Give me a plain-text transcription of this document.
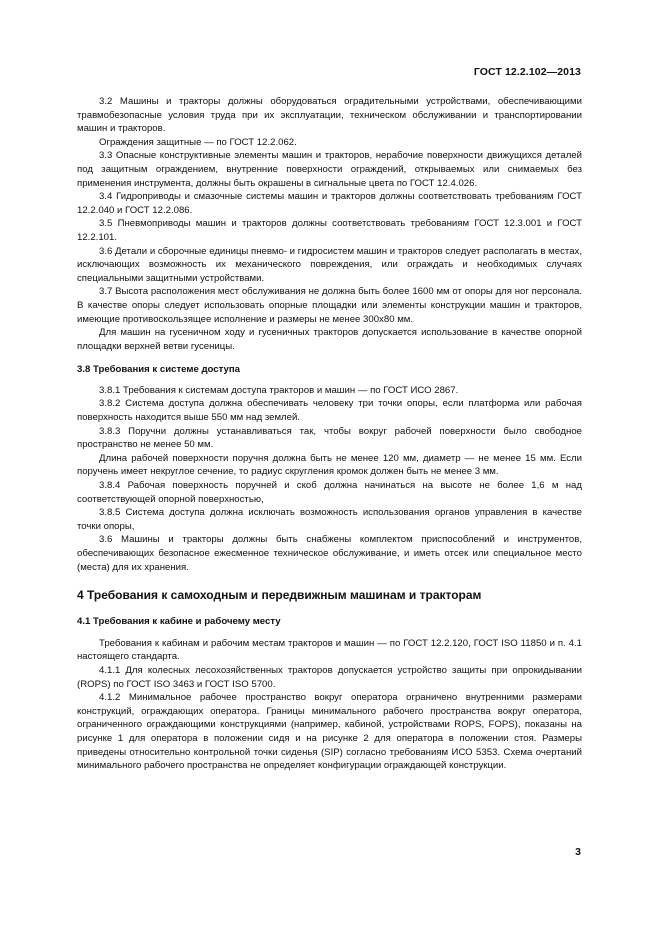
ГОСТ 12.2.102—2013

3.2 Машины и тракторы должны оборудоваться оградительными устройствами, обеспечивающими травмобезопасные условия труда при их эксплуатации, техническом обслуживании и транспортировании машин и тракторов.

Ограждения защитные — по ГОСТ 12.2.062.

3.3 Опасные конструктивные элементы машин и тракторов, нерабочие поверхности движущихся деталей под защитным ограждением, внутренние поверхности ограждений, открываемых или снимаемых без применения инструмента, должны быть окрашены в сигнальные цвета по ГОСТ 12.4.026.

3.4 Гидроприводы и смазочные системы машин и тракторов должны соответствовать требованиям ГОСТ 12.2.040 и ГОСТ 12.2.086.

3.5 Пневмоприводы машин и тракторов должны соответствовать требованиям ГОСТ 12.3.001 и ГОСТ 12.2.101.

3.6 Детали и сборочные единицы пневмо- и гидросистем машин и тракторов следует располагать в местах, исключающих возможность их механического повреждения, или ограждать и необходимых случаях специальными защитными устройствами.

3.7 Высота расположения мест обслуживания не должна быть более 1600 мм от опоры для ног персонала. В качестве опоры следует использовать опорные площадки или элементы конструкции машин и тракторов, имеющие противоскользящее исполнение и размеры не менее 300x80 мм.

Для машин на гусеничном ходу и гусеничных тракторов допускается использование в качестве опорной площадки верхней ветви гусеницы.

3.8 Требования к системе доступа

3.8.1 Требования к системам доступа тракторов и машин — по ГОСТ ИСО 2867.

3.8.2 Система доступа должна обеспечивать человеку три точки опоры, если платформа или рабочая поверхность находится выше 550 мм над землей.

3.8.3 Поручни должны устанавливаться так, чтобы вокруг рабочей поверхности было свободное пространство не менее 50 мм.

Длина рабочей поверхности поручня должна быть не менее 120 мм, диаметр — не менее 15 мм. Если поручень имеет некруглое сечение, то радиус скругления кромок должен быть не менее 3 мм.

3.8.4 Рабочая поверхность поручней и скоб должна начинаться на высоте не более 1,6 м над соответствующей опорной поверхностью,

3.8.5 Система доступа должна исключать возможность использования органов управления в качестве точки опоры,

3.6 Машины и тракторы должны быть снабжены комплектом приспособлений и инструментов, обеспечивающих безопасное ежесменное техническое обслуживание, и иметь отсек или специальное место (места) для их хранения.

4 Требования к самоходным и передвижным машинам и тракторам
4.1 Требования к кабине и рабочему месту

Требования к кабинам и рабочим местам тракторов и машин — по ГОСТ 12.2.120, ГОСТ ISO 11850 и п. 4.1 настоящего стандарта.

4.1.1 Для колесных лесохозяйственных тракторов допускается устройство защиты при опрокидывании (ROPS) по ГОСТ ISO 3463 и ГОСТ ISO 5700.

4.1.2 Минимальное рабочее пространство вокруг оператора ограничено внутренними размерами конструкций, ограждающих оператора. Границы минимального рабочего пространства вокруг оператора, ограниченного ограждающими конструкциями (например, кабиной, устройствами ROPS, FOPS), показаны на рисунке 1 для оператора в положении сидя и на рисунке 2 для оператора в положении стоя. Размеры приведены относительно контрольной точки сиденья (SIP) согласно требованиям ИСО 5353. Схема очертаний минимального рабочего пространства не определяет конфигурации ограждающей конструкции.

3
